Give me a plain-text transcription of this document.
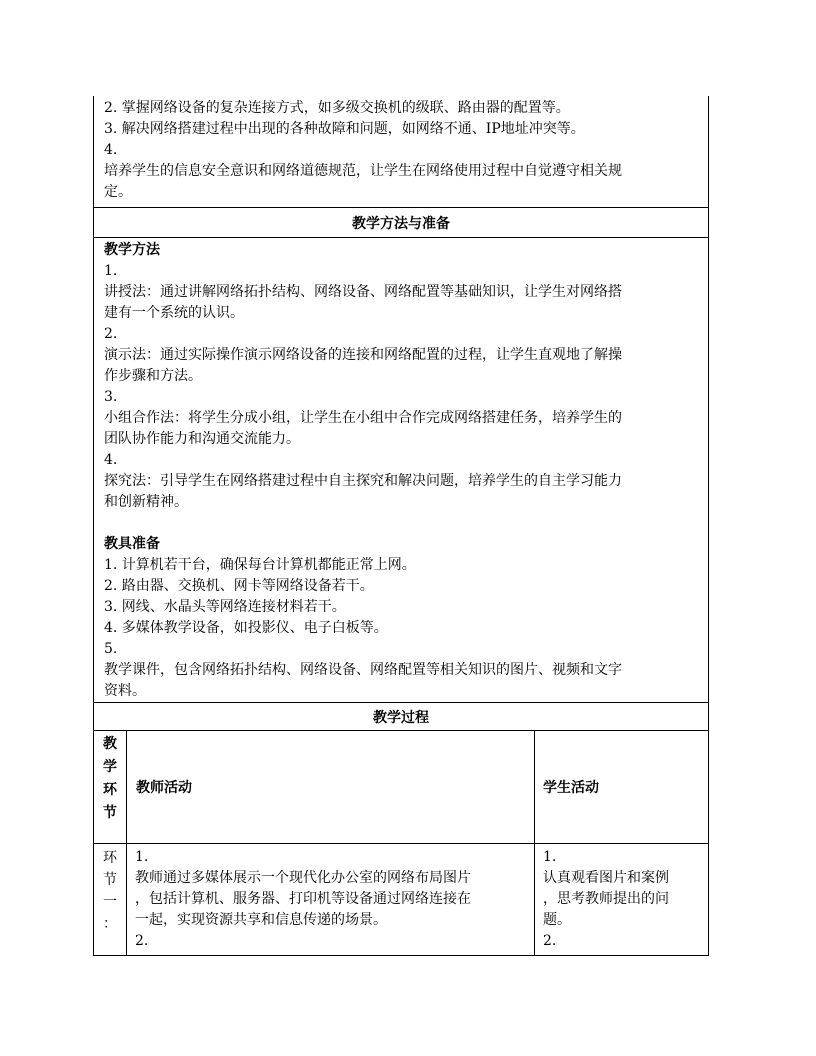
2. 掌握网络设备的复杂连接方式，如多级交换机的级联、路由器的配置等。

3. 解决网络搭建过程中出现的各种故障和问题，如网络不通、IP地址冲突等。

4.

培养学生的信息安全意识和网络道德规范，让学生在网络使用过程中自觉遵守相关规

定。

教学方法与准备

教学方法

1.

讲授法：通过讲解网络拓扑结构、网络设备、网络配置等基础知识，让学生对网络搭

建有一个系统的认识。

2.

演示法：通过实际操作演示网络设备的连接和网络配置的过程，让学生直观地了解操

作步骤和方法。

3.

小组合作法：将学生分成小组，让学生在小组中合作完成网络搭建任务，培养学生的

团队协作能力和沟通交流能力。

4.

探究法：引导学生在网络搭建过程中自主探究和解决问题，培养学生的自主学习能力

和创新精神。

教具准备

1. 计算机若干台，确保每台计算机都能正常上网。

2. 路由器、交换机、网卡等网络设备若干。

3. 网线、水晶头等网络连接材料若干。

4. 多媒体教学设备，如投影仪、电子白板等。

5.

教学课件，包含网络拓扑结构、网络设备、网络配置等相关知识的图片、视频和文字

资料。

教学过程
教
学
环
节
教师活动	学生活动
环
节
一
：

1.

教师通过多媒体展示一个现代化办公室的网络布局图片

，包括计算机、服务器、打印机等设备通过网络连接在

一起，实现资源共享和信息传递的场景。

2.

1.

认真观看图片和案例

，思考教师提出的问

题。

2.
